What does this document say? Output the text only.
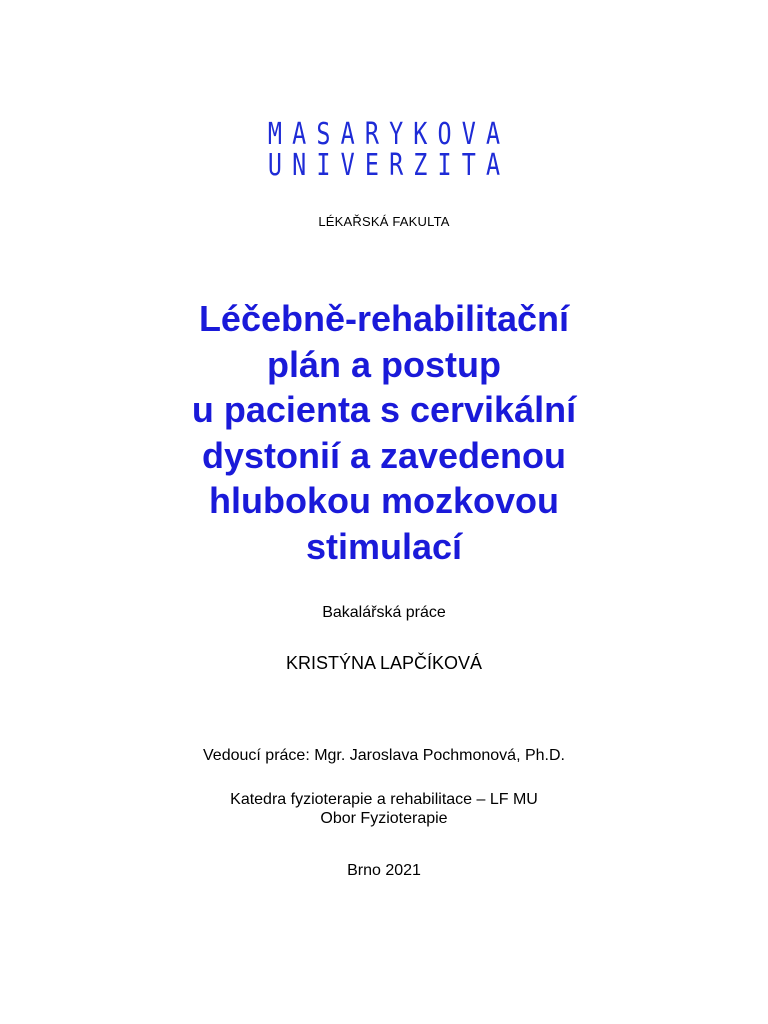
MASARYKOVA
UNIVERZITA
LÉKAŘSKÁ FAKULTA
Léčebně-rehabilitační
plán a postup
u pacienta s cervikální
dystonií a zavedenou
hlubokou mozkovou
stimulací
Bakalářská práce
KRISTÝNA LAPČÍKOVÁ
Vedoucí práce: Mgr. Jaroslava Pochmonová, Ph.D.
Katedra fyzioterapie a rehabilitace – LF MU
Obor Fyzioterapie
Brno 2021
